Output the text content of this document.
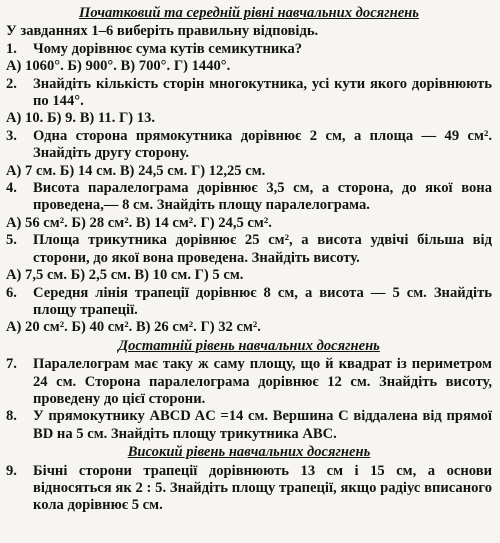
Початковий та середній рівні навчальних досягнень
У завданнях 1–6 виберіть правильну відповідь.
1.	Чому дорівнює сума кутів семикутника?
А) 1060°. Б) 900°. В) 700°. Г) 1440°.
2.	Знайдіть кількість сторін многокутника, усі кути якого дорівнюють по 144°.
А) 10. Б) 9. В) 11. Г) 13.
3.	Одна сторона прямокутника дорівнює 2 см, а площа — 49 см². Знайдіть другу сторону.
А) 7 см. Б) 14 см. В) 24,5 см. Г) 12,25 см.
4.	Висота паралелограма дорівнює 3,5 см, а сторона, до якої вона проведена,— 8 см. Знайдіть площу паралелограма.
А) 56 см². Б) 28 см². В) 14 см². Г) 24,5 см².
5.	Площа трикутника дорівнює 25 см², а висота удвічі більша від сторони, до якої вона проведена. Знайдіть висоту.
А) 7,5 см. Б) 2,5 см. В) 10 см. Г) 5 см.
6.	Середня лінія трапеції дорівнює 8 см, а висота — 5 см. Знайдіть площу трапеції.
А) 20 см². Б) 40 см². В) 26 см². Г) 32 см².
Достатній рівень навчальних досягнень
7.	Паралелограм має таку ж саму площу, що й квадрат із периметром 24 см. Сторона паралелограма дорівнює 12 см. Знайдіть висоту, проведену до цієї сторони.
8.	У прямокутнику ABCD AC =14 см. Вершина C віддалена від прямої BD на 5 см. Знайдіть площу трикутника ABC.
Високий рівень навчальних досягнень
9.	Бічні сторони трапеції дорівнюють 13 см і 15 см, а основи відносяться як 2 : 5. Знайдіть площу трапеції, якщо радіус вписаного кола дорівнює 5 см.
